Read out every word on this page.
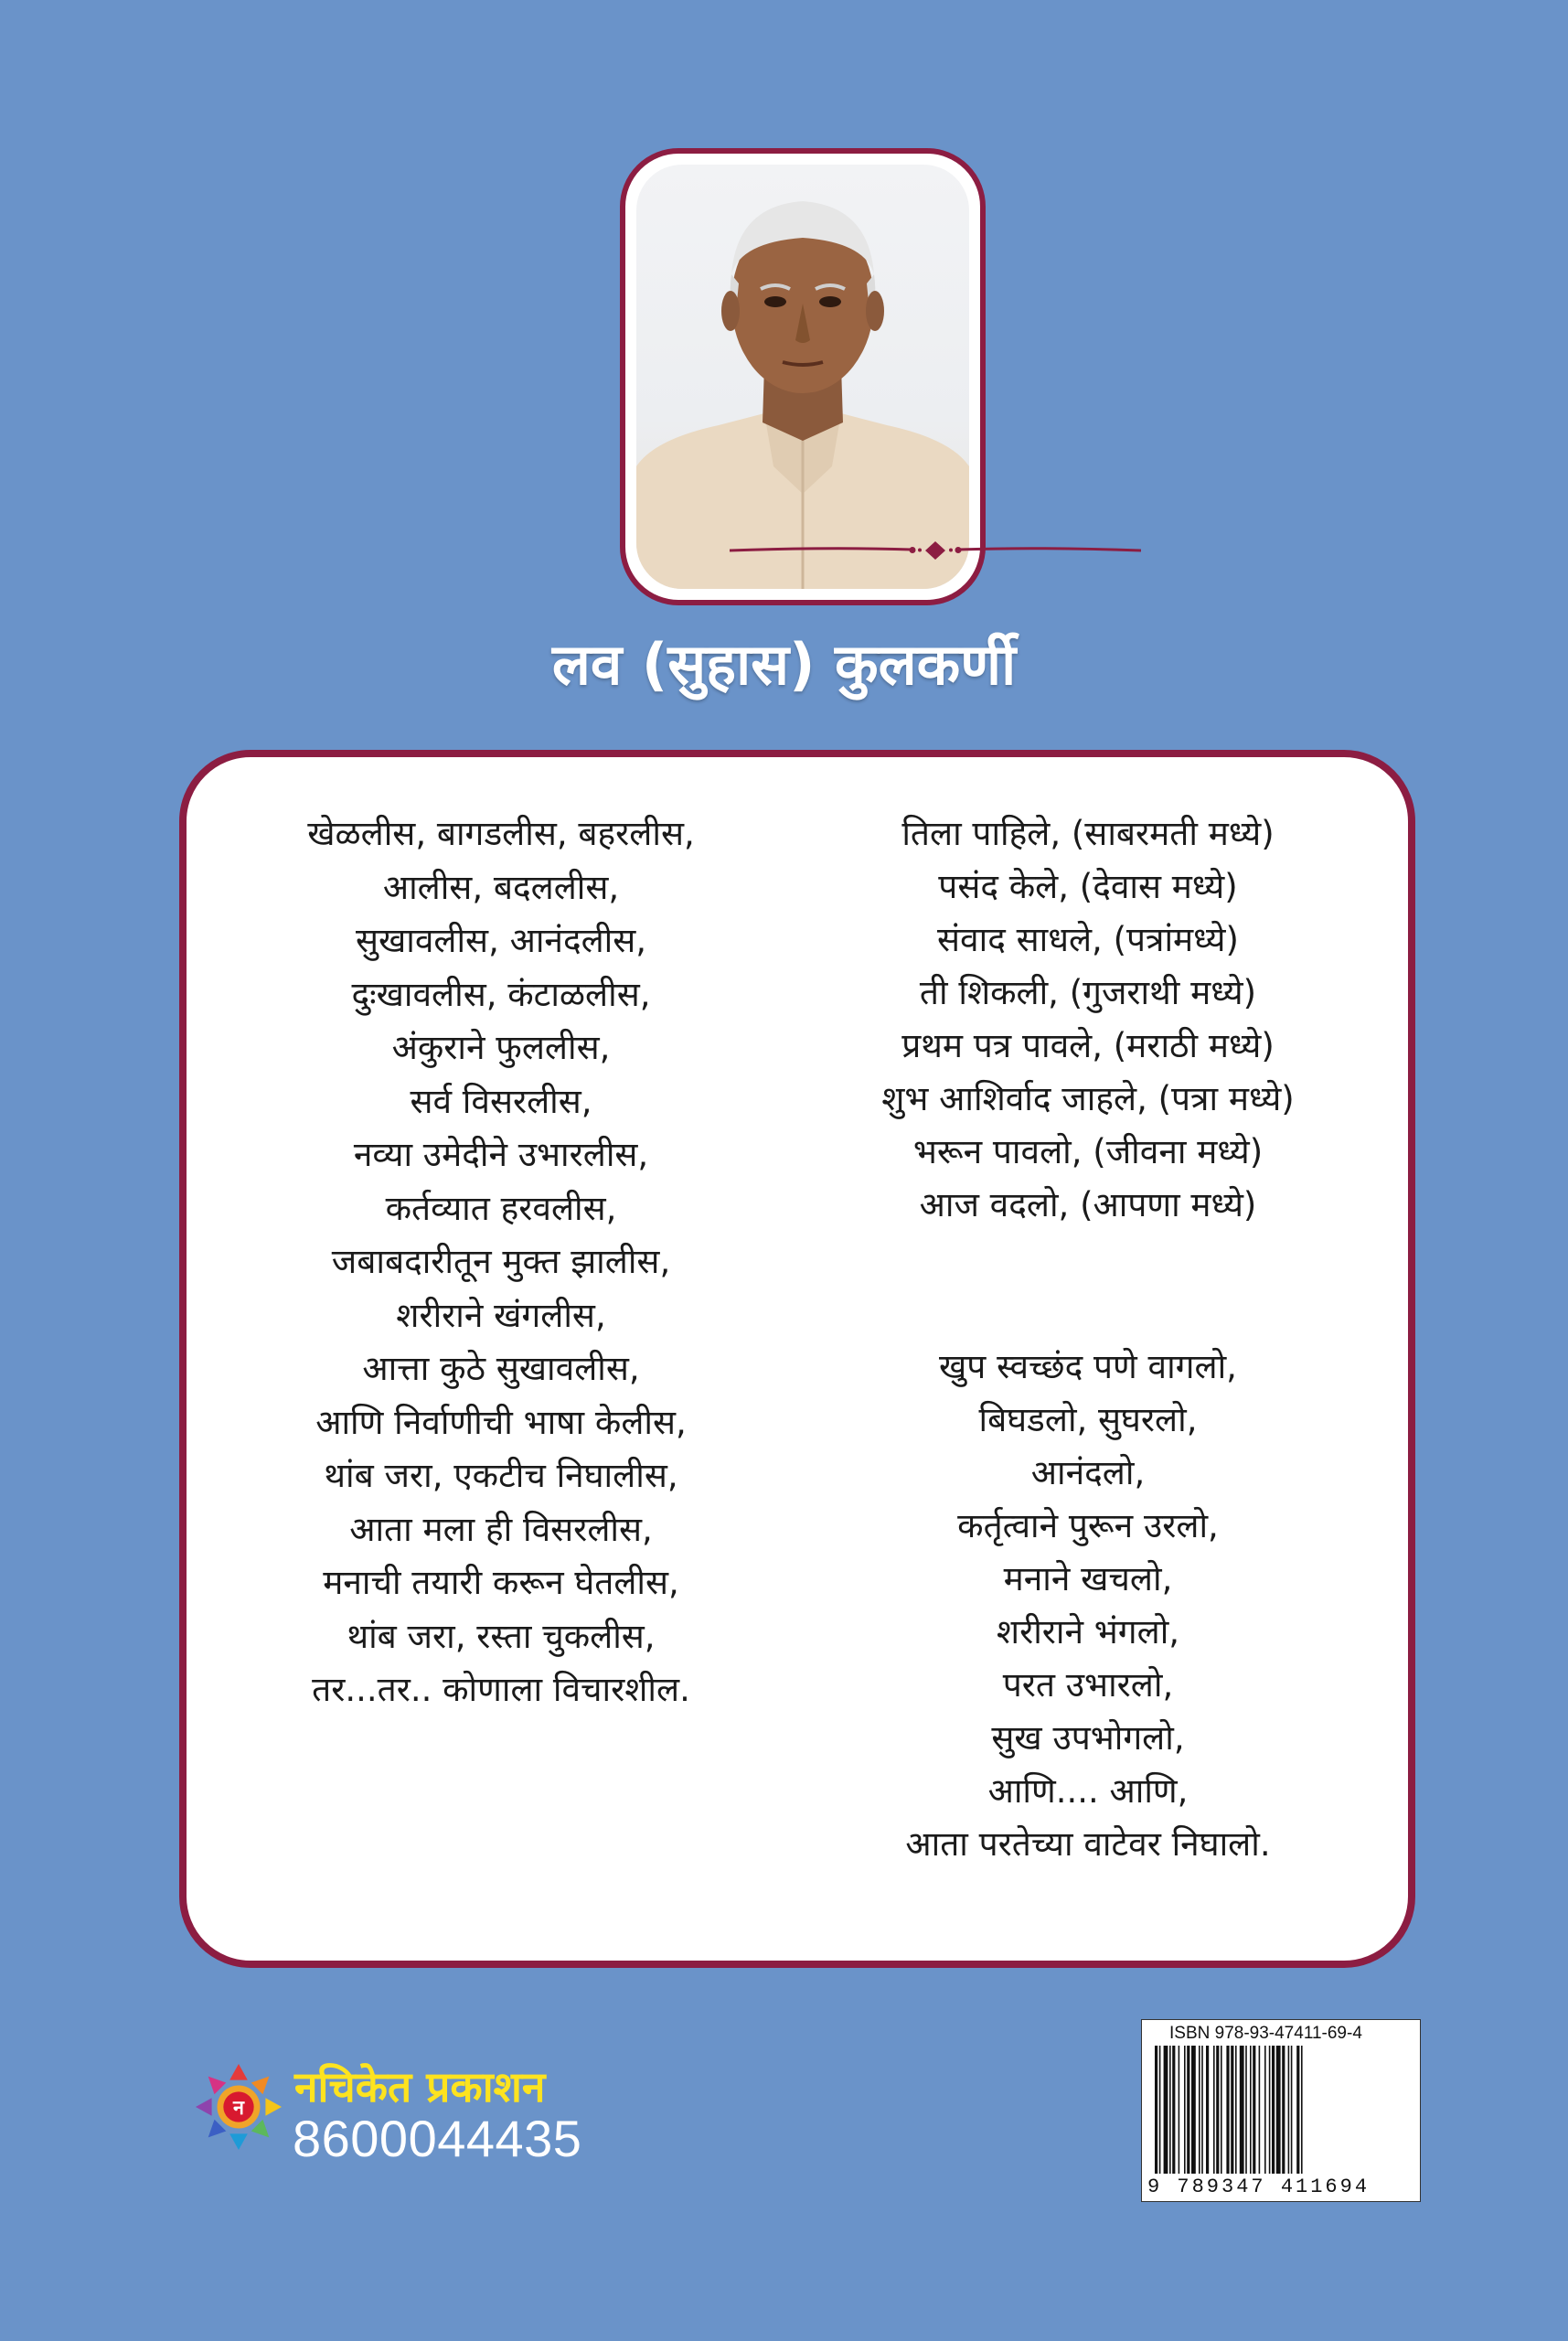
लव (सुहास) कुलकर्णी
खेळलीस, बागडलीस, बहरलीस,
आलीस, बदललीस,
सुखावलीस, आनंदलीस,
दुःखावलीस, कंटाळलीस,
अंकुराने फुललीस,
सर्व विसरलीस,
नव्या उमेदीने उभारलीस,
कर्तव्यात हरवलीस,
जबाबदारीतून मुक्त झालीस,
शरीराने खंगलीस,
आत्ता कुठे सुखावलीस,
आणि निर्वाणीची भाषा केलीस,
थांब जरा, एकटीच निघालीस,
आता मला ही विसरलीस,
मनाची तयारी करून घेतलीस,
थांब जरा, रस्ता चुकलीस,
तर...तर.. कोणाला विचारशील.
तिला पाहिले, (साबरमती मध्ये)
पसंद केले, (देवास मध्ये)
संवाद साधले, (पत्रांमध्ये)
ती शिकली, (गुजराथी मध्ये)
प्रथम पत्र पावले, (मराठी मध्ये)
शुभ आशिर्वाद जाहले, (पत्रा मध्ये)
भरून पावलो, (जीवना मध्ये)
आज वदलो, (आपणा मध्ये)
खुप स्वच्छंद पणे वागलो,
बिघडलो, सुघरलो,
आनंदलो,
कर्तृत्वाने पुरून उरलो,
मनाने खचलो,
शरीराने भंगलो,
परत उभारलो,
सुख उपभोगलो,
आणि.... आणि,
आता परतेच्या वाटेवर निघालो.
न नचिकेत प्रकाशन
8600044435
ISBN 978-93-47411-69-4
9 789347 411694
